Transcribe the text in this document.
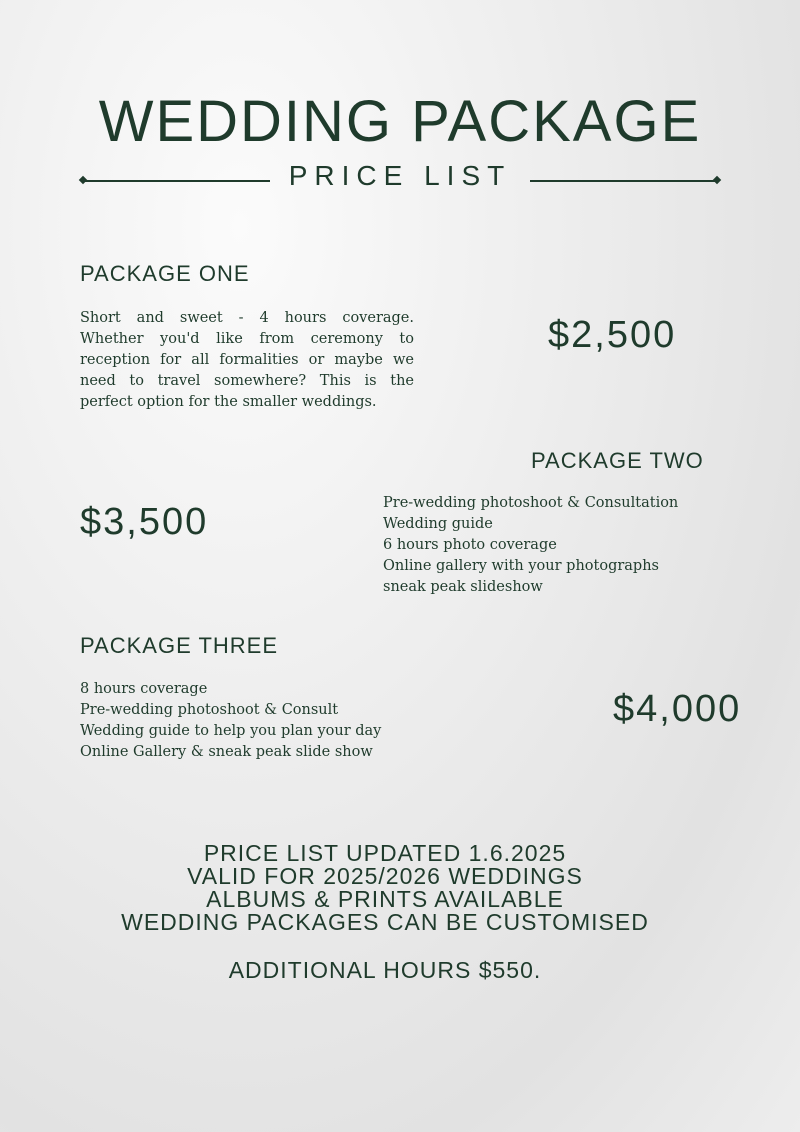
WEDDING PACKAGE
PRICE LIST
PACKAGE ONE
Short and sweet - 4 hours coverage. Whether you'd like from ceremony to reception for all formalities or maybe we need to travel somewhere? This is the perfect option for the smaller weddings.
$2,500
PACKAGE TWO
$3,500	Pre-wedding photoshoot & Consultation
Wedding guide
6 hours photo coverage
Online gallery with your photographs
sneak peak slideshow
PACKAGE THREE
8 hours coverage
Pre-wedding photoshoot & Consult
Wedding guide to help you plan your day
Online Gallery & sneak peak slide show
$4,000
PRICE LIST UPDATED 1.6.2025
VALID FOR 2025/2026 WEDDINGS
ALBUMS & PRINTS AVAILABLE
WEDDING PACKAGES CAN BE CUSTOMISED
ADDITIONAL HOURS $550.
